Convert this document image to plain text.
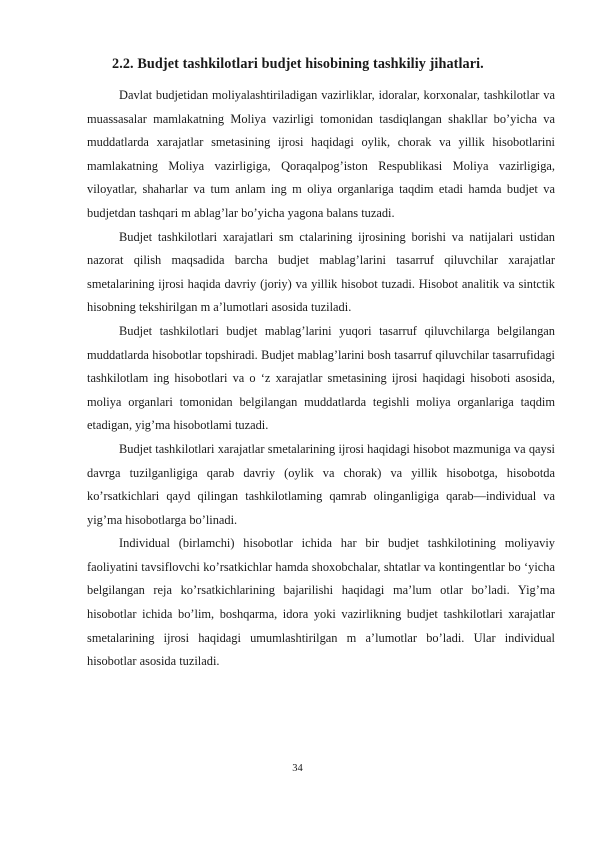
2.2. Budjet tashkilotlari budjet hisobining tashkiliy jihatlari.

Davlat budjetidan moliyalashtiriladigan vazirliklar, idoralar, korxonalar, tashkilotlar va muassasalar mamlakatning Moliya vazirligi tomonidan tasdiqlangan shakllar bo’yicha va muddatlarda xarajatlar smetasining ijrosi haqidagi oylik, chorak va yillik hisobotlarini mamlakatning Moliya vazirligiga, Qoraqalpog’iston Respublikasi Moliya vazirligiga, viloyatlar, shaharlar va tum anlam ing m oliya organlariga taqdim etadi hamda budjet va budjetdan tashqari m ablag’lar bo’yicha yagona balans tuzadi.

Budjet tashkilotlari xarajatlari sm ctalarining ijrosining borishi va natijalari ustidan nazorat qilish maqsadida barcha budjet mablag’larini tasarruf qiluvchilar xarajatlar smetalarining ijrosi haqida davriy (joriy) va yillik hisobot tuzadi. Hisobot analitik va sintctik hisobning tekshirilgan m a’lumotlari asosida tuziladi.

Budjet tashkilotlari budjet mablag’larini yuqori tasarruf qiluvchilarga belgilangan muddatlarda hisobotlar topshiradi. Budjet mablag’larini bosh tasarruf qiluvchilar tasarrufidagi tashkilotlam ing hisobotlari va o ‘z xarajatlar smetasining ijrosi haqidagi hisoboti asosida, moliya organlari tomonidan belgilangan muddatlarda tegishli moliya organlariga taqdim etadigan, yig’ma hisobotlami tuzadi.

Budjet tashkilotlari xarajatlar smetalarining ijrosi haqidagi hisobot mazmuniga va qaysi davrga tuzilganligiga qarab davriy (oylik va chorak) va yillik hisobotga, hisobotda ko’rsatkichlari qayd qilingan tashkilotlaming qamrab olinganligiga qarab—individual va yig’ma hisobotlarga bo’linadi.

Individual (birlamchi) hisobotlar ichida har bir budjet tashkilotining moliyaviy faoliyatini tavsiflovchi ko’rsatkichlar hamda shoxobchalar, shtatlar va kontingentlar bo ‘yicha belgilangan reja ko’rsatkichlarining bajarilishi haqidagi ma’lum otlar bo’ladi. Yig’ma hisobotlar ichida bo’lim, boshqarma, idora yoki vazirlikning budjet tashkilotlari xarajatlar smetalarining ijrosi haqidagi umumlashtirilgan m a’lumotlar bo’ladi. Ular individual hisobotlar asosida tuziladi.

34
